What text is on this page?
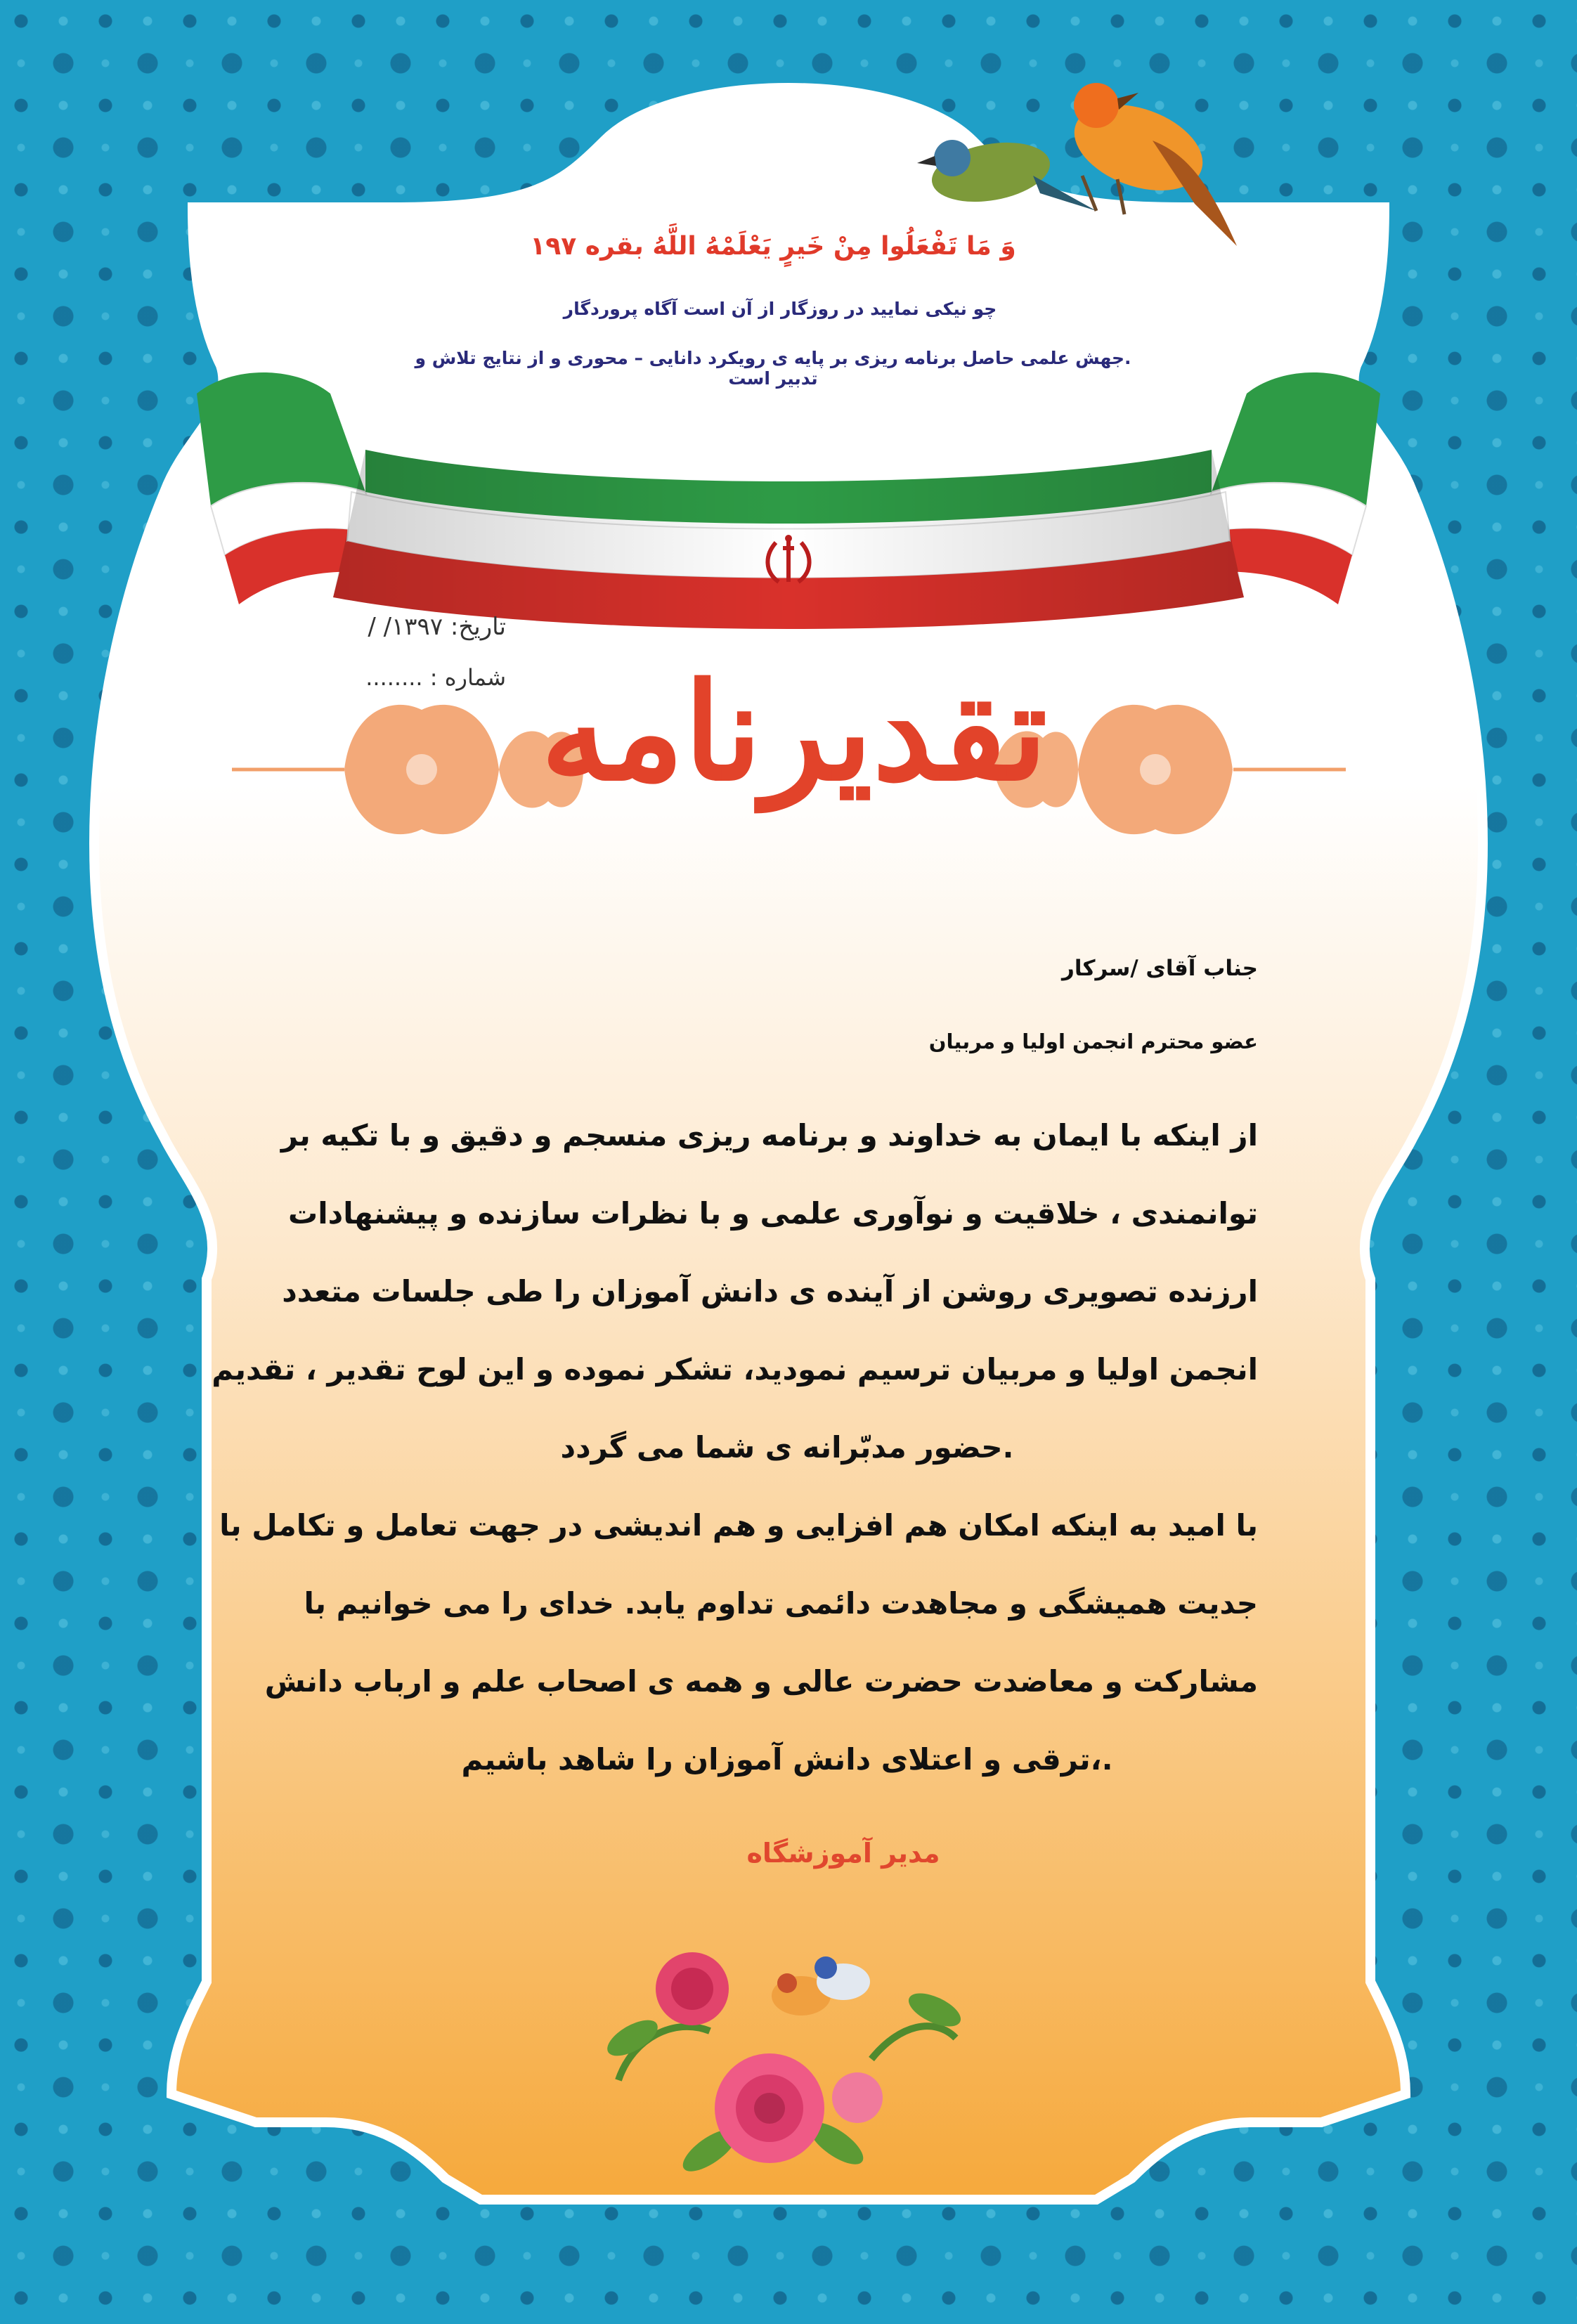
وَ مَا تَفْعَلُوا مِنْ خَيرٍ يَعْلَمْهُ اللَّهُ بقره ۱۹۷
چو نیکی نمایید در روزگار از آن است آگاه پروردگار
.جهش علمی حاصل برنامه ریزی بر پایه ی رویکرد دانایی – محوری و از نتایج تلاش و تدبیر است
تاریخ: ۱۳۹۷/ /
شماره : ........ تقدیرنامه
جناب آقای /سرکار
عضو محترم انجمن اولیا و مربیان
از اینکه با ایمان به خداوند و برنامه ریزی منسجم و دقیق و با تکیه بر
توانمندی ، خلاقیت و نوآوری علمی و با نظرات سازنده و پیشنهادات
ارزنده تصویری روشن از آینده ی دانش آموزان را طی جلسات متعدد
انجمن اولیا و مربیان ترسیم نمودید، تشکر نموده و این لوح تقدیر ، تقدیم
.حضور مدبّرانه ی شما می گردد
با امید به اینکه امکان هم افزایی و هم اندیشی در جهت تعامل و تکامل با
جدیت همیشگی و مجاهدت دائمی تداوم یابد. خدای را می خوانیم با
مشارکت و معاضدت حضرت عالی و همه ی اصحاب علم و ارباب دانش
.،ترقی و اعتلای دانش آموزان را شاهد باشیم
مدیر آموزشگاه
